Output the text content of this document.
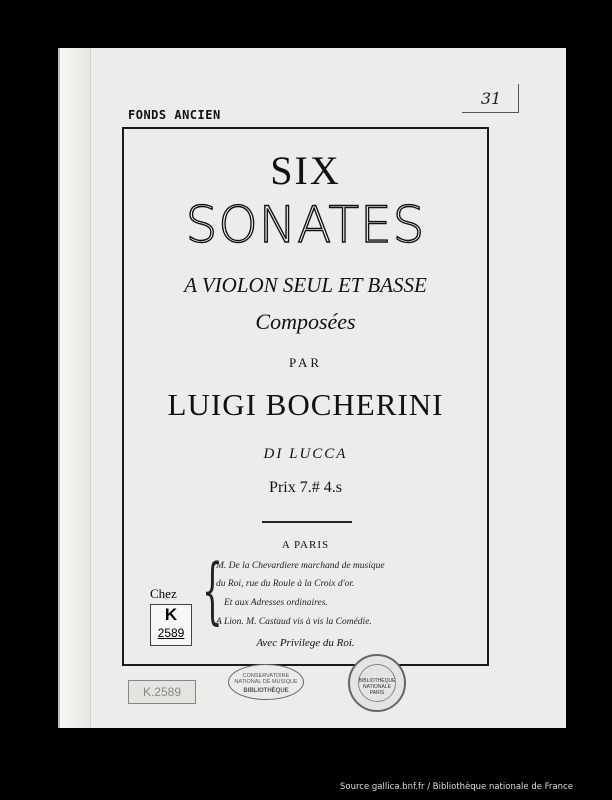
FONDS ANCIEN
31
SIX
SONATES
A VIOLON SEUL ET BASSE
Composées
PAR
LUIGI BOCHERINI
DI LUCCA
Prix 7.# 4.s
A PARIS
Chez {
M. De la Chevardiere marchand de musique
du Roi, rue du Roule à la Croix d'or.
Et aux Adresses ordinaires.
A Lion. M. Castaud vis à vis la Comédie.
Avec Privilege du Roi.
K
2589
K.2589
CONSERVATOIRE NATIONAL DE MUSIQUE
BIBLIOTHÈQUE
BIBLIOTHÈQUE NATIONALE PARIS
Source gallica.bnf.fr / Bibliothèque nationale de France
